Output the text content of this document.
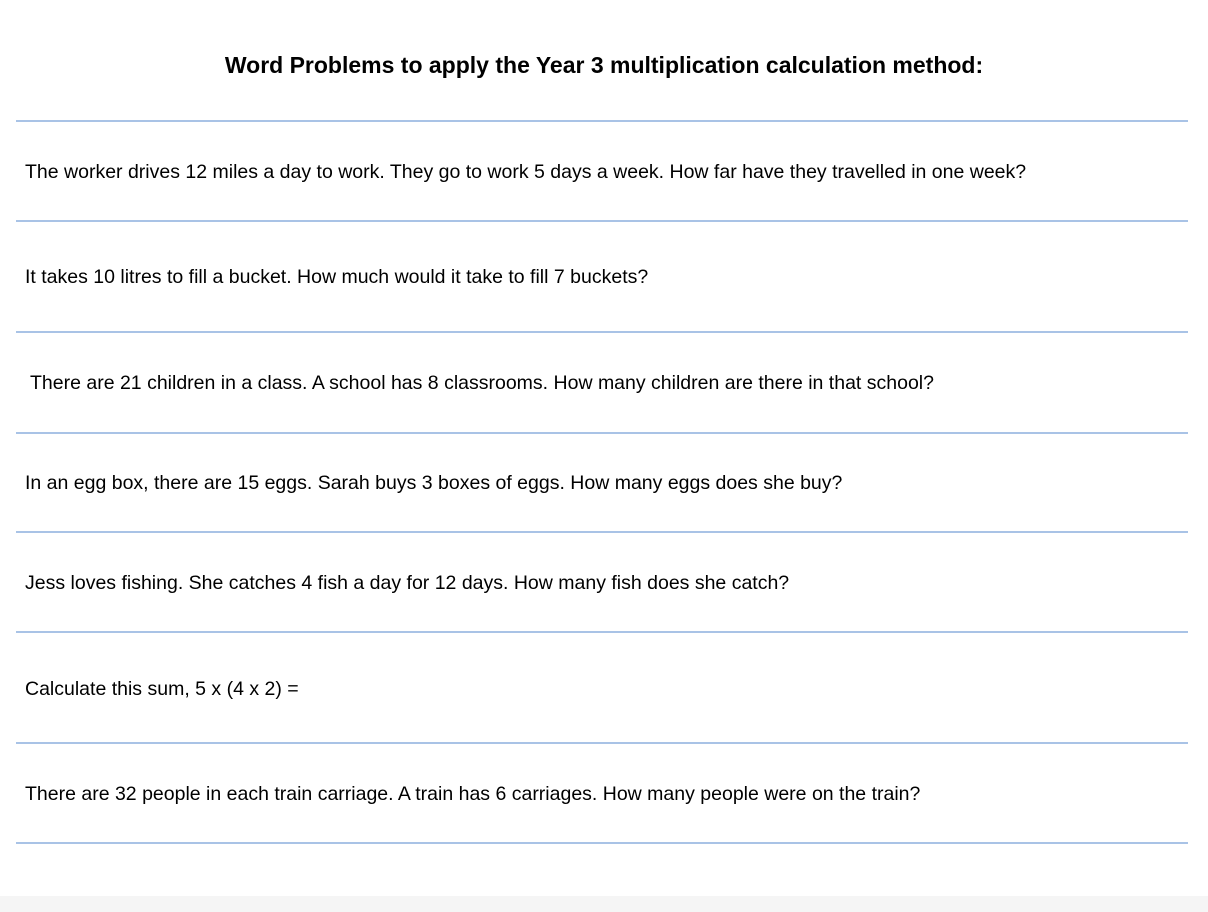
Word Problems to apply the Year 3 multiplication calculation method:
The worker drives 12 miles a day to work. They go to work 5 days a week. How far have they travelled in one week?
It takes 10 litres to fill a bucket. How much would it take to fill 7 buckets?
There are 21 children in a class. A school has 8 classrooms. How many children are there in that school?
In an egg box, there are 15 eggs. Sarah buys 3 boxes of eggs. How many eggs does she buy?
Jess loves fishing. She catches 4 fish a day for 12 days. How many fish does she catch?
Calculate this sum, 5 x (4 x 2) =
There are 32 people in each train carriage. A train has 6 carriages. How many people were on the train?
